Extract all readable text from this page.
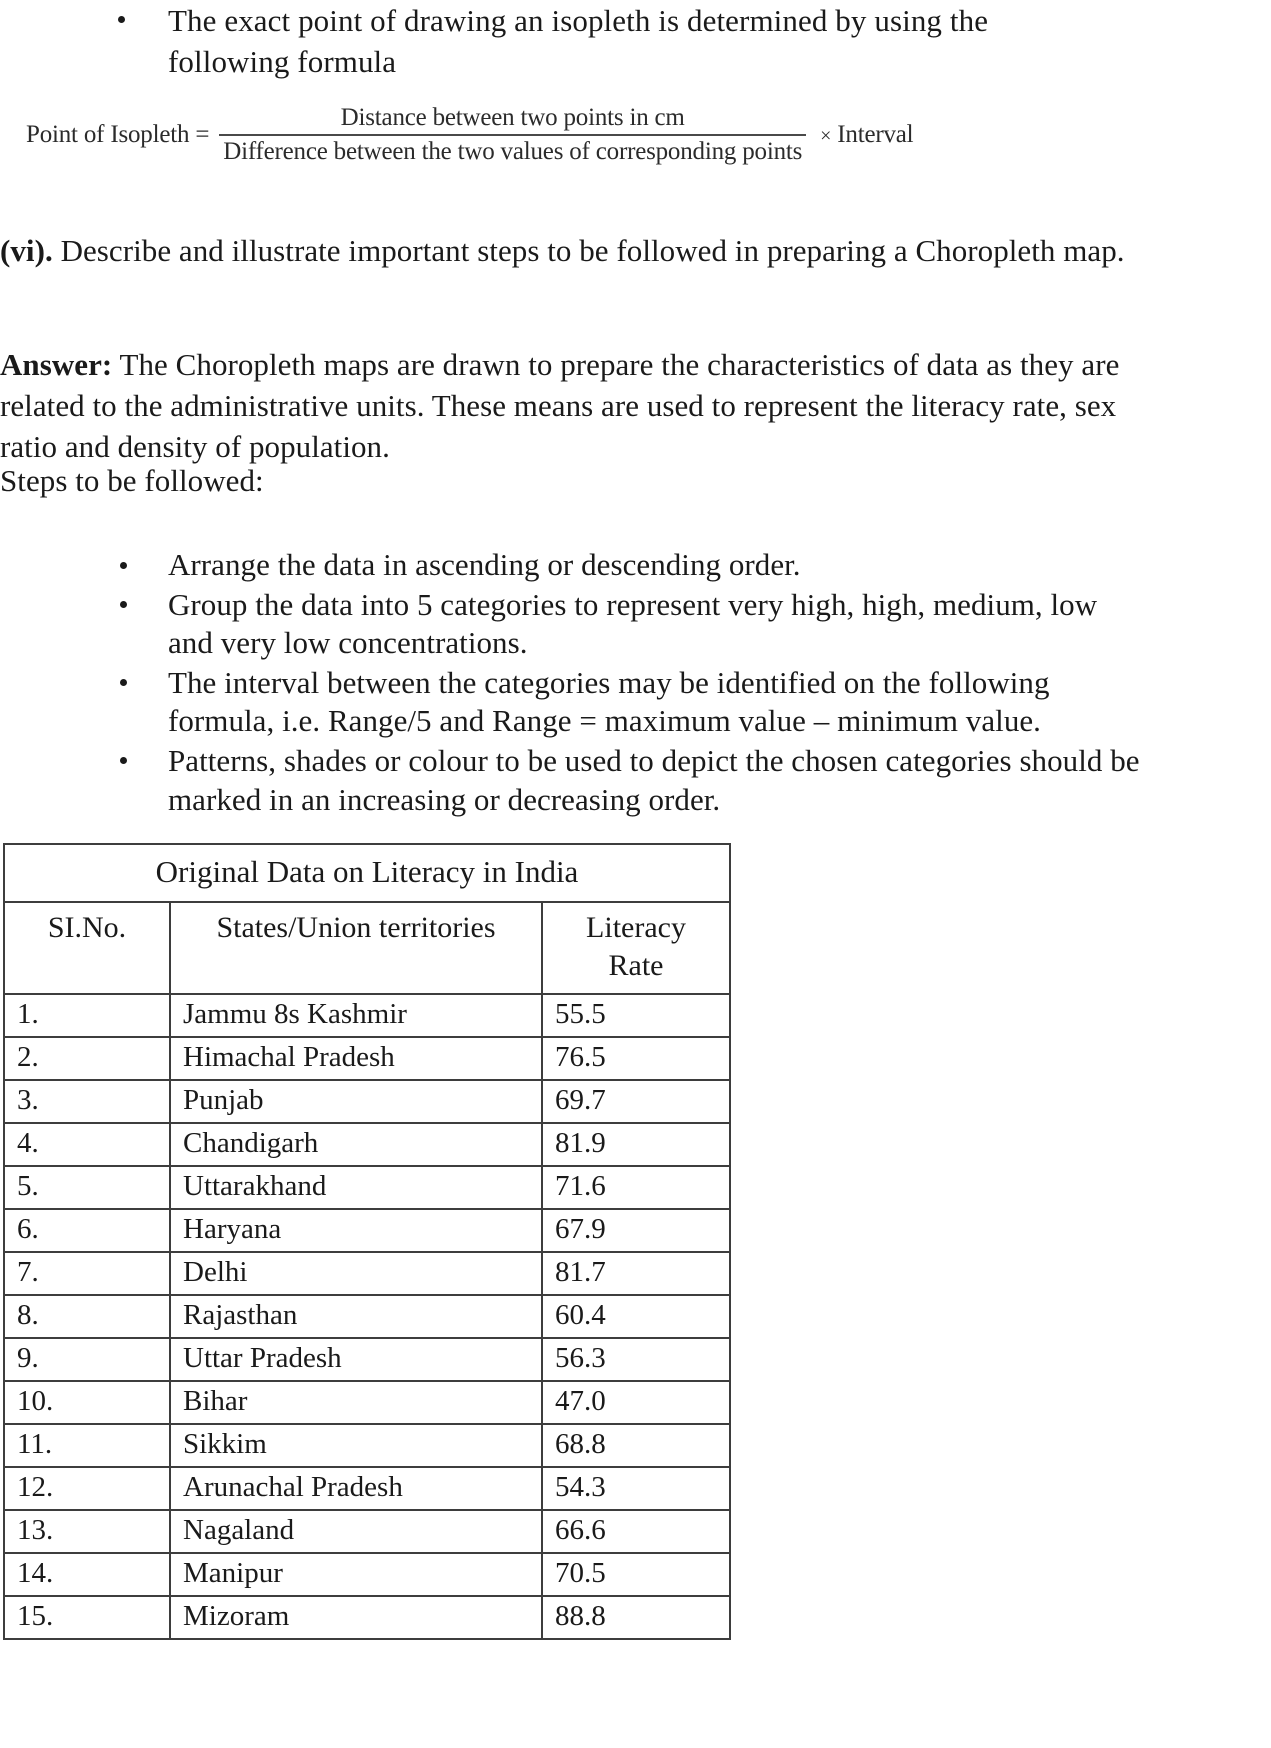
The exact point of drawing an isopleth is determined by using the following formula
Point of Isopleth = $\frac{\text{Distance between two points in cm}}{\text{Difference between the two values of corresponding points}}$ × Interval
(vi). Describe and illustrate important steps to be followed in preparing a Choropleth map.
Answer: The Choropleth maps are drawn to prepare the characteristics of data as they are related to the administrative units. These means are used to represent the literacy rate, sex ratio and density of population.
Steps to be followed:
Arrange the data in ascending or descending order.
Group the data into 5 categories to represent very high, high, medium, low and very low concentrations.
The interval between the categories may be identified on the following formula, i.e. Range/5 and Range = maximum value – minimum value.
Patterns, shades or colour to be used to depict the chosen categories should be marked in an increasing or decreasing order.
Original Data on Literacy in India		
SI.No.	States/Union territories	Literacy
Rate
1.	Jammu 8s Kashmir	55.5
2.	Himachal Pradesh	76.5
3.	Punjab	69.7
4.	Chandigarh	81.9
5.	Uttarakhand	71.6
6.	Haryana	67.9
7.	Delhi	81.7
8.	Rajasthan	60.4
9.	Uttar Pradesh	56.3
10.	Bihar	47.0
11.	Sikkim	68.8
12.	Arunachal Pradesh	54.3
13.	Nagaland	66.6
14.	Manipur	70.5
15.	Mizoram	88.8
